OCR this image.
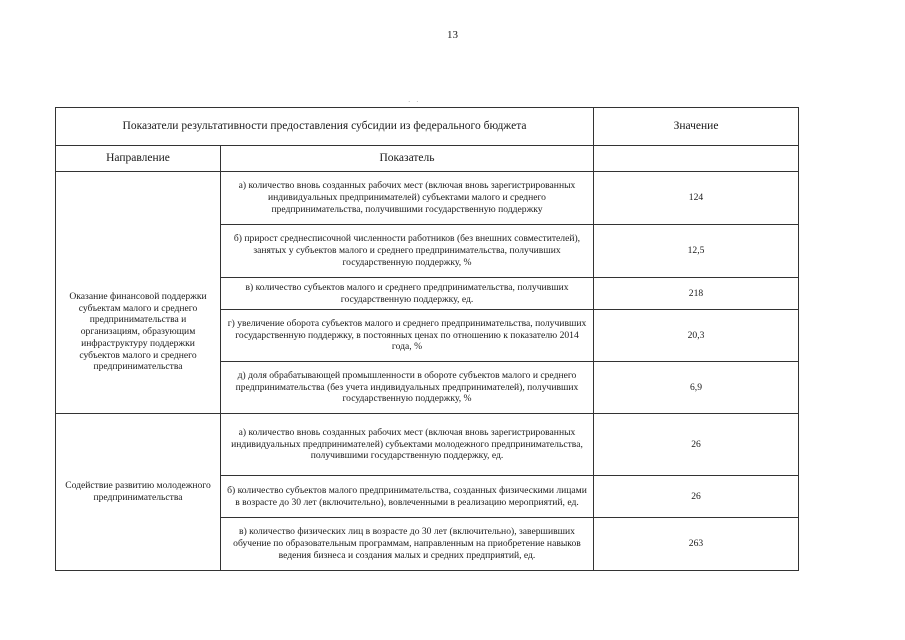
13
· ·
Показатели результативности предоставления субсидии из федерального бюджета		Значение
Направление	Показатель	

Оказание финансовой поддержки субъектам малого и среднего предпринимательства и организациям, образующим инфраструктуру поддержки субъектов малого и среднего предпринимательства	а) количество вновь созданных рабочих мест (включая вновь зарегистрированных индивидуальных предпринимателей) субъектами малого и среднего предпринимательства, получившими государственную поддержку	124
	б) прирост среднесписочной численности работников (без внешних совместителей), занятых у субъектов малого и среднего предпринимательства, получивших государственную поддержку, %	12,5
	в) количество субъектов малого и среднего предпринимательства, получивших государственную поддержку, ед.	218
	г) увеличение оборота субъектов малого и среднего предпринимательства, получивших государственную поддержку, в постоянных ценах по отношению к показателю 2014 года, %	20,3
	д) доля обрабатывающей промышленности в обороте субъектов малого и среднего предпринимательства (без учета индивидуальных предпринимателей), получивших государственную поддержку, %	6,9

Содействие развитию молодежного предпринимательства	а) количество вновь созданных рабочих мест (включая вновь зарегистрированных индивидуальных предпринимателей) субъектами молодежного предпринимательства, получившими государственную поддержку, ед.	26
	б) количество субъектов малого предпринимательства, созданных физическими лицами в возрасте до 30 лет (включительно), вовлеченными в реализацию мероприятий, ед.	26
	в) количество физических лиц в возрасте до 30 лет (включительно), завершивших обучение по образовательным программам, направленным на приобретение навыков ведения бизнеса и создания малых и средних предприятий, ед.	263
